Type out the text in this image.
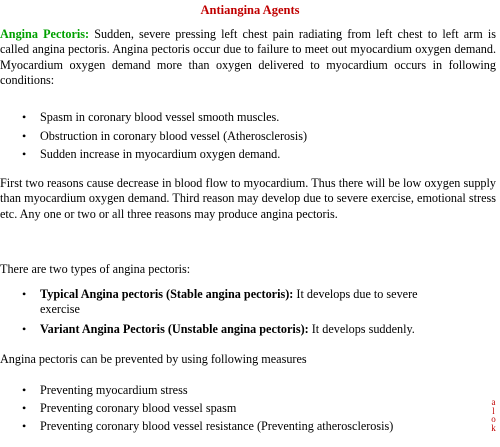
Antiangina Agents

Angina Pectoris: Sudden, severe pressing left chest pain radiating from left chest to left arm is called angina pectoris. Angina pectoris occur due to failure to meet out myocardium oxygen demand. Myocardium oxygen demand more than oxygen delivered to myocardium occurs in following conditions:

• Spasm in coronary blood vessel smooth muscles.
• Obstruction in coronary blood vessel (Atherosclerosis)
• Sudden increase in myocardium oxygen demand.

First two reasons cause decrease in blood flow to myocardium. Thus there will be low oxygen supply than myocardium oxygen demand. Third reason may develop due to severe exercise, emotional stress etc. Any one or two or all three reasons may produce angina pectoris.

There are two types of angina pectoris:

• Typical Angina pectoris (Stable angina pectoris): It develops due to severe
exercise
• Variant Angina Pectoris (Unstable angina pectoris): It develops suddenly.

Angina pectoris can be prevented by using following measures

• Preventing myocardium stress
• Preventing coronary blood vessel spasm
• Preventing coronary blood vessel resistance (Preventing atherosclerosis)
a
l
o
k
